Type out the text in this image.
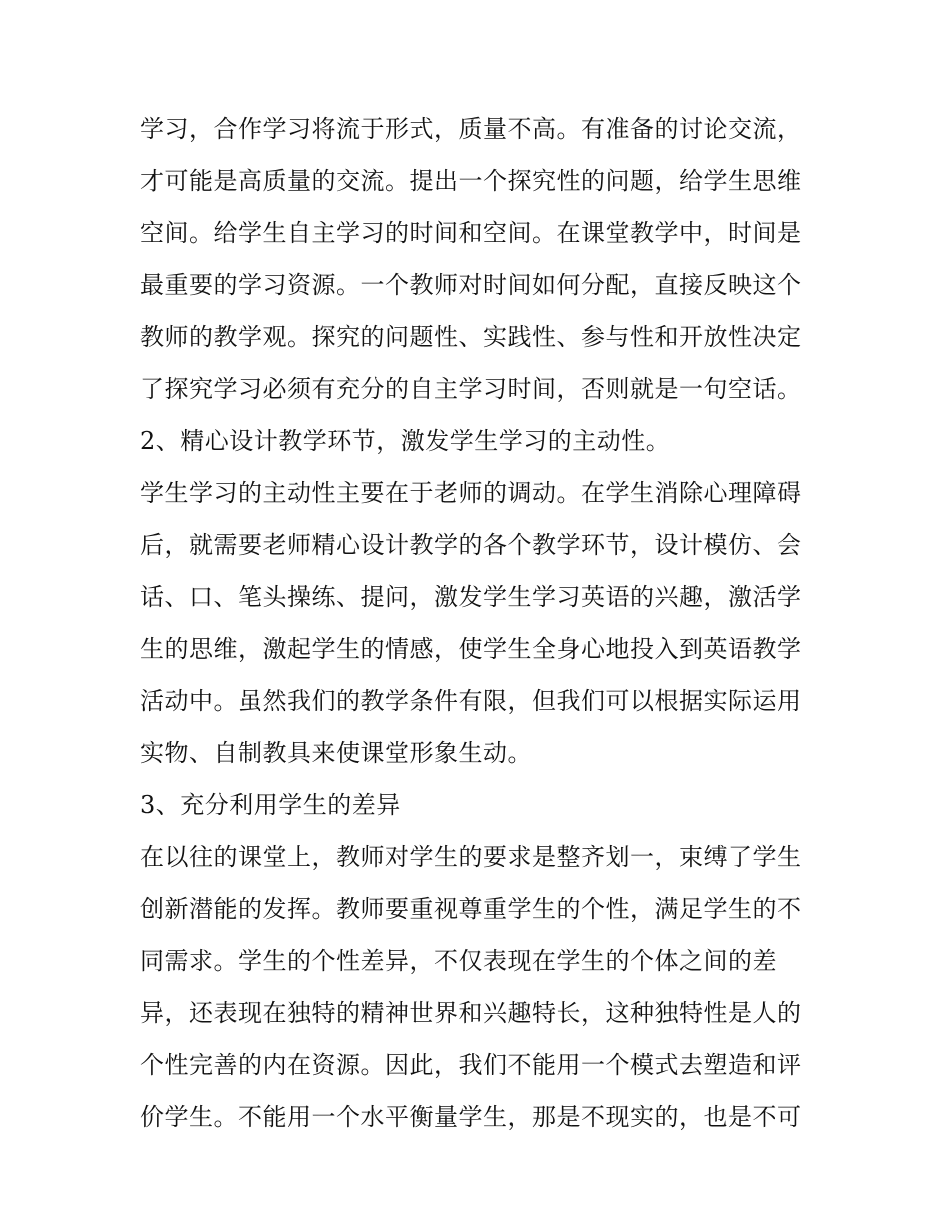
学习，合作学习将流于形式，质量不高。有准备的讨论交流，
才可能是高质量的交流。提出一个探究性的问题，给学生思维
空间。给学生自主学习的时间和空间。在课堂教学中，时间是
最重要的学习资源。一个教师对时间如何分配，直接反映这个
教师的教学观。探究的问题性、实践性、参与性和开放性决定
了探究学习必须有充分的自主学习时间，否则就是一句空话。
2、精心设计教学环节，激发学生学习的主动性。
学生学习的主动性主要在于老师的调动。在学生消除心理障碍
后，就需要老师精心设计教学的各个教学环节，设计模仿、会
话、口、笔头操练、提问，激发学生学习英语的兴趣，激活学
生的思维，激起学生的情感，使学生全身心地投入到英语教学
活动中。虽然我们的教学条件有限，但我们可以根据实际运用
实物、自制教具来使课堂形象生动。
3、充分利用学生的差异
在以往的课堂上，教师对学生的要求是整齐划一，束缚了学生
创新潜能的发挥。教师要重视尊重学生的个性，满足学生的不
同需求。学生的个性差异，不仅表现在学生的个体之间的差
异，还表现在独特的精神世界和兴趣特长，这种独特性是人的
个性完善的内在资源。因此，我们不能用一个模式去塑造和评
价学生。不能用一个水平衡量学生，那是不现实的，也是不可
